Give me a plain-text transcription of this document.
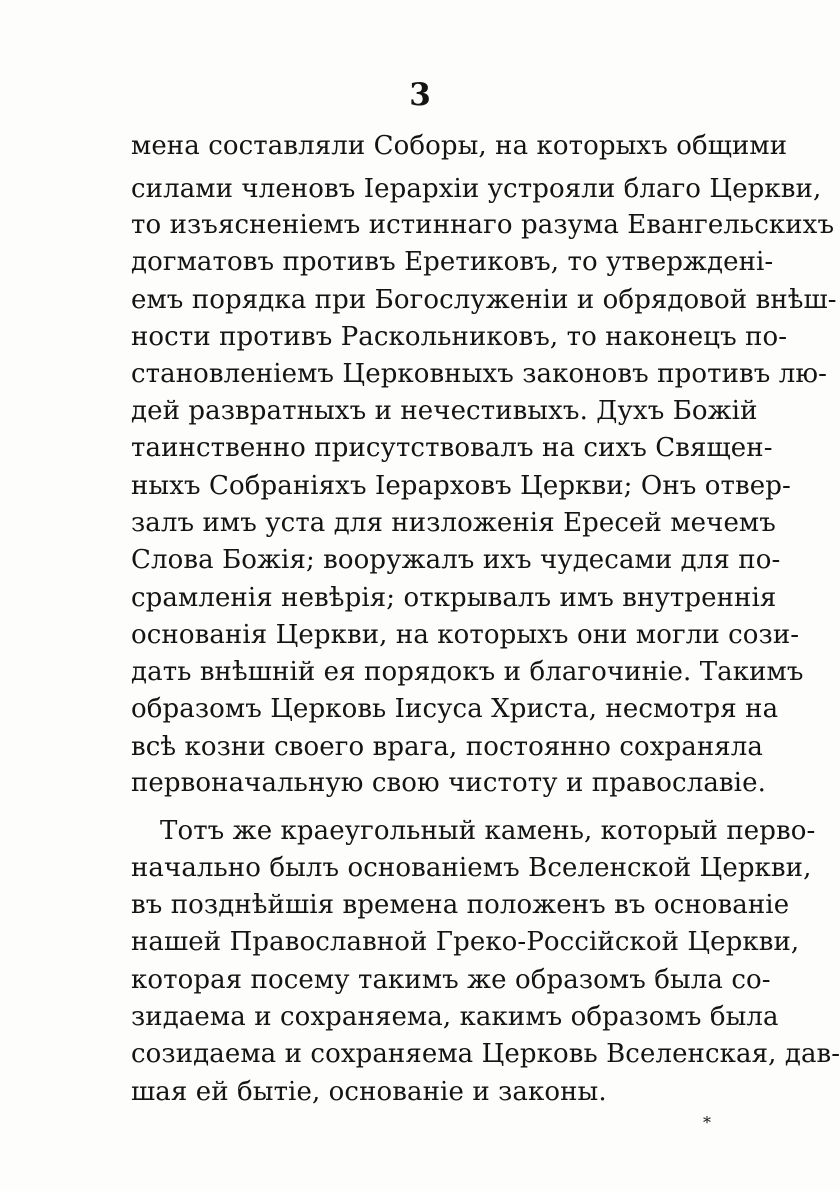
3
мена составляли Соборы, на которыхъ общими
силами членовъ Іерархіи устрояли благо Церкви,
то изъясненіемъ истиннаго разума Евангельскихъ
догматовъ противъ Еретиковъ, то утвержденi-
емъ порядка при Богослуженіи и обрядовой внѣш-
ности противъ Раскольниковъ, то наконецъ по-
становленіемъ Церковныхъ законовъ противъ лю-
дей развратныхъ и нечестивыхъ. Духъ Божій
таинственно присутствовалъ на сихъ Священ-
ныхъ Собраніяхъ Іерарховъ Церкви; Онъ отвер-
залъ имъ уста для низложенія Ересей мечемъ
Слова Божія; вооружалъ ихъ чудесами для по-
срамленія невѣрія; открывалъ имъ внутреннія
основанія Церкви, на которыхъ они могли сози-
дать внѣшній ея порядокъ и благочиніе. Такимъ
образомъ Церковь Іисуса Христа, несмотря на
всѣ козни своего врага, постоянно сохраняла
первоначальную свою чистоту и православіе.
Тотъ же краеугольный камень, который перво-
начально былъ основаніемъ Вселенской Церкви,
въ позднѣйшія времена положенъ въ основаніе
нашей Православной Греко-Россійской Церкви,
которая посему такимъ же образомъ была со-
зидаема и сохраняема, какимъ образомъ была
созидаема и сохраняема Церковь Вселенская, дав-
шая ей бытіе, основаніе и законы.
*
